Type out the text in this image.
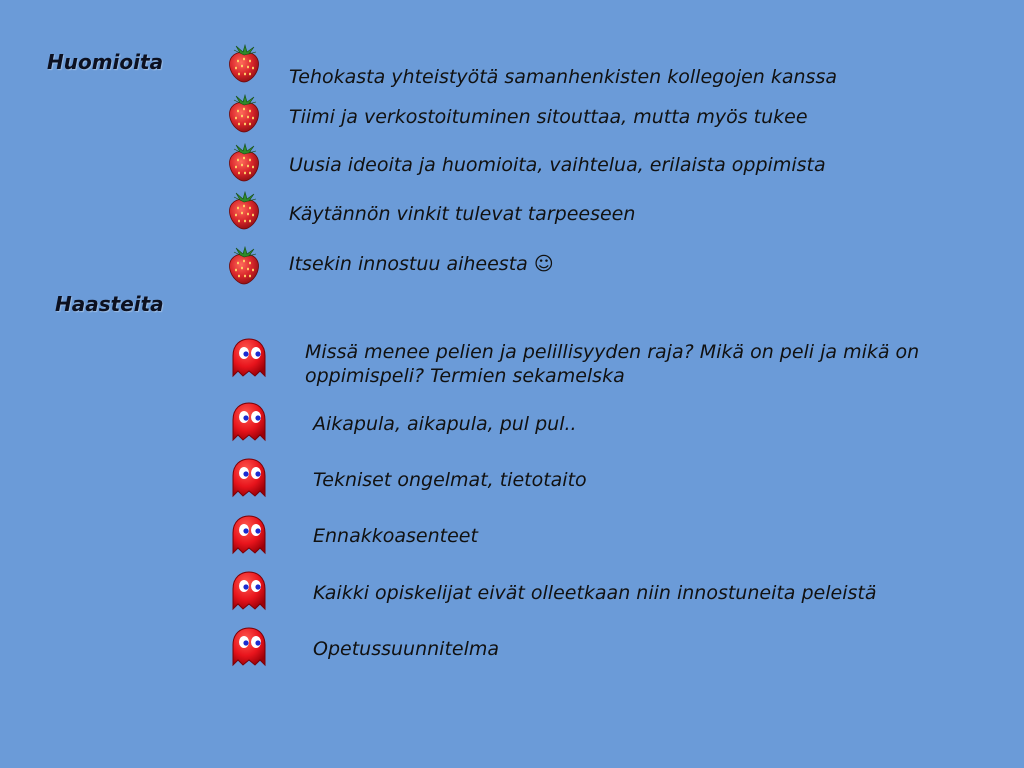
Huomioita
Tehokasta yhteistyötä samanhenkisten kollegojen kanssa
Tiimi ja verkostoituminen sitouttaa, mutta myös tukee
Uusia ideoita ja huomioita, vaihtelua, erilaista oppimista
Käytännön vinkit tulevat tarpeeseen
Itsekin innostuu aiheesta ☺
Haasteita
Missä menee pelien ja pelillisyyden raja? Mikä on peli ja mikä on oppimispeli? Termien sekamelska
Aikapula, aikapula, pul pul..
Tekniset ongelmat, tietotaito
Ennakkoasenteet
Kaikki opiskelijat eivät olleetkaan niin innostuneita peleistä
Opetussuunnitelma
